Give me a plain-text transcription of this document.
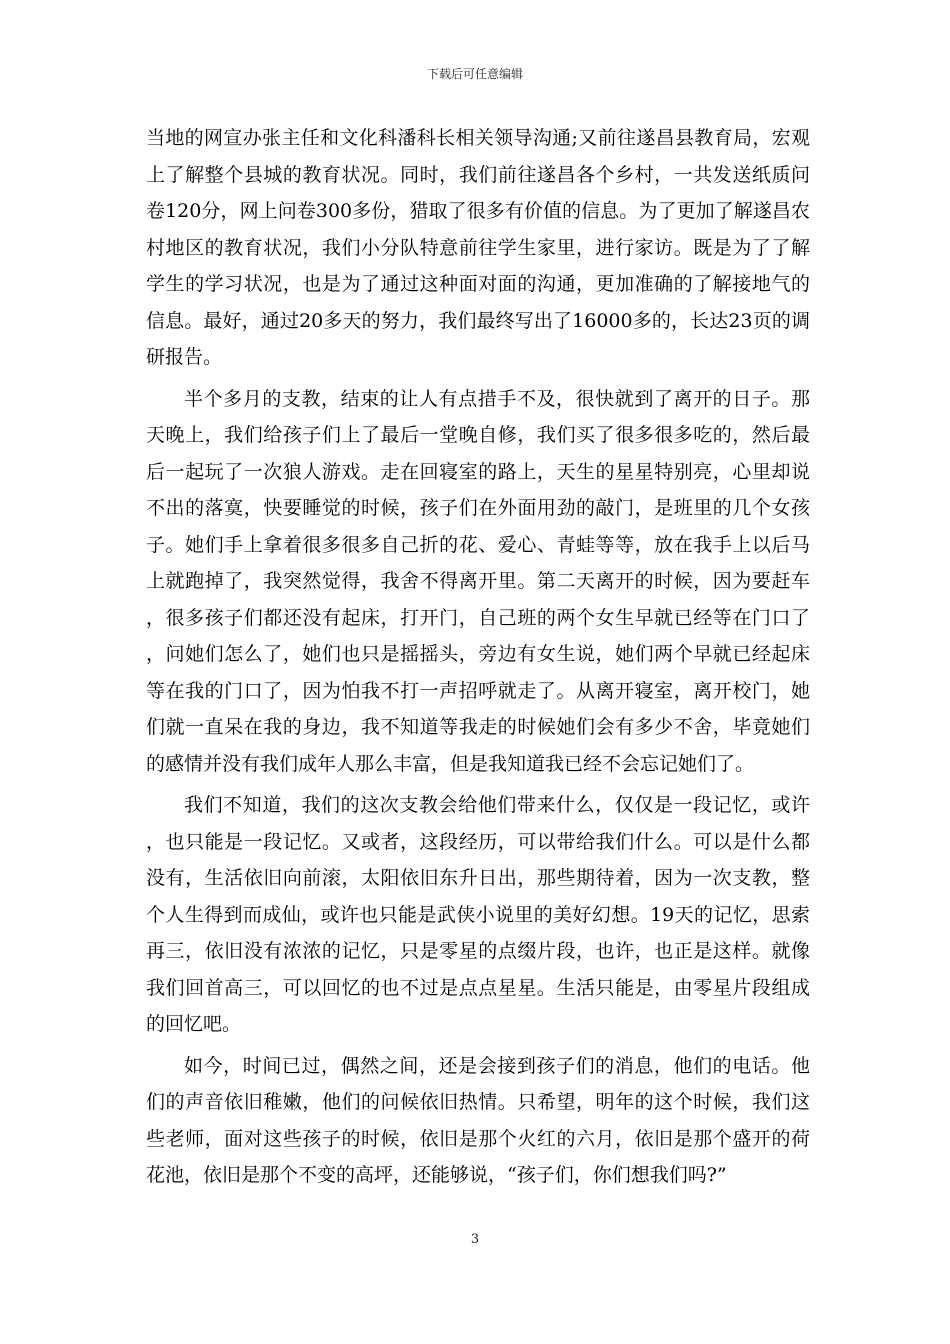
下载后可任意编辑

当地的网宣办张主任和文化科潘科长相关领导沟通;又前往遂昌县教育局，宏观上了解整个县城的教育状况。同时，我们前往遂昌各个乡村，一共发送纸质问卷120分，网上问卷300多份，猎取了很多有价值的信息。为了更加了解遂昌农村地区的教育状况，我们小分队特意前往学生家里，进行家访。既是为了了解学生的学习状况，也是为了通过这种面对面的沟通，更加准确的了解接地气的信息。最好，通过20多天的努力，我们最终写出了16000多的，长达23页的调研报告。

半个多月的支教，结束的让人有点措手不及，很快就到了离开的日子。那天晚上，我们给孩子们上了最后一堂晚自修，我们买了很多很多吃的，然后最后一起玩了一次狼人游戏。走在回寝室的路上，天生的星星特别亮，心里却说不出的落寞，快要睡觉的时候，孩子们在外面用劲的敲门，是班里的几个女孩子。她们手上拿着很多很多自己折的花、爱心、青蛙等等，放在我手上以后马上就跑掉了，我突然觉得，我舍不得离开里。第二天离开的时候，因为要赶车，很多孩子们都还没有起床，打开门，自己班的两个女生早就已经等在门口了，问她们怎么了，她们也只是摇摇头，旁边有女生说，她们两个早就已经起床等在我的门口了，因为怕我不打一声招呼就走了。从离开寝室，离开校门，她们就一直呆在我的身边，我不知道等我走的时候她们会有多少不舍，毕竟她们的感情并没有我们成年人那么丰富，但是我知道我已经不会忘记她们了。

我们不知道，我们的这次支教会给他们带来什么，仅仅是一段记忆，或许，也只能是一段记忆。又或者，这段经历，可以带给我们什么。可以是什么都没有，生活依旧向前滚，太阳依旧东升日出，那些期待着，因为一次支教，整个人生得到而成仙，或许也只能是武侠小说里的美好幻想。19天的记忆，思索再三，依旧没有浓浓的记忆，只是零星的点缀片段，也许，也正是这样。就像我们回首高三，可以回忆的也不过是点点星星。生活只能是，由零星片段组成的回忆吧。

如今，时间已过，偶然之间，还是会接到孩子们的消息，他们的电话。他们的声音依旧稚嫩，他们的问候依旧热情。只希望，明年的这个时候，我们这些老师，面对这些孩子的时候，依旧是那个火红的六月，依旧是那个盛开的荷花池，依旧是那个不变的高坪，还能够说，“孩子们，你们想我们吗?”

3
